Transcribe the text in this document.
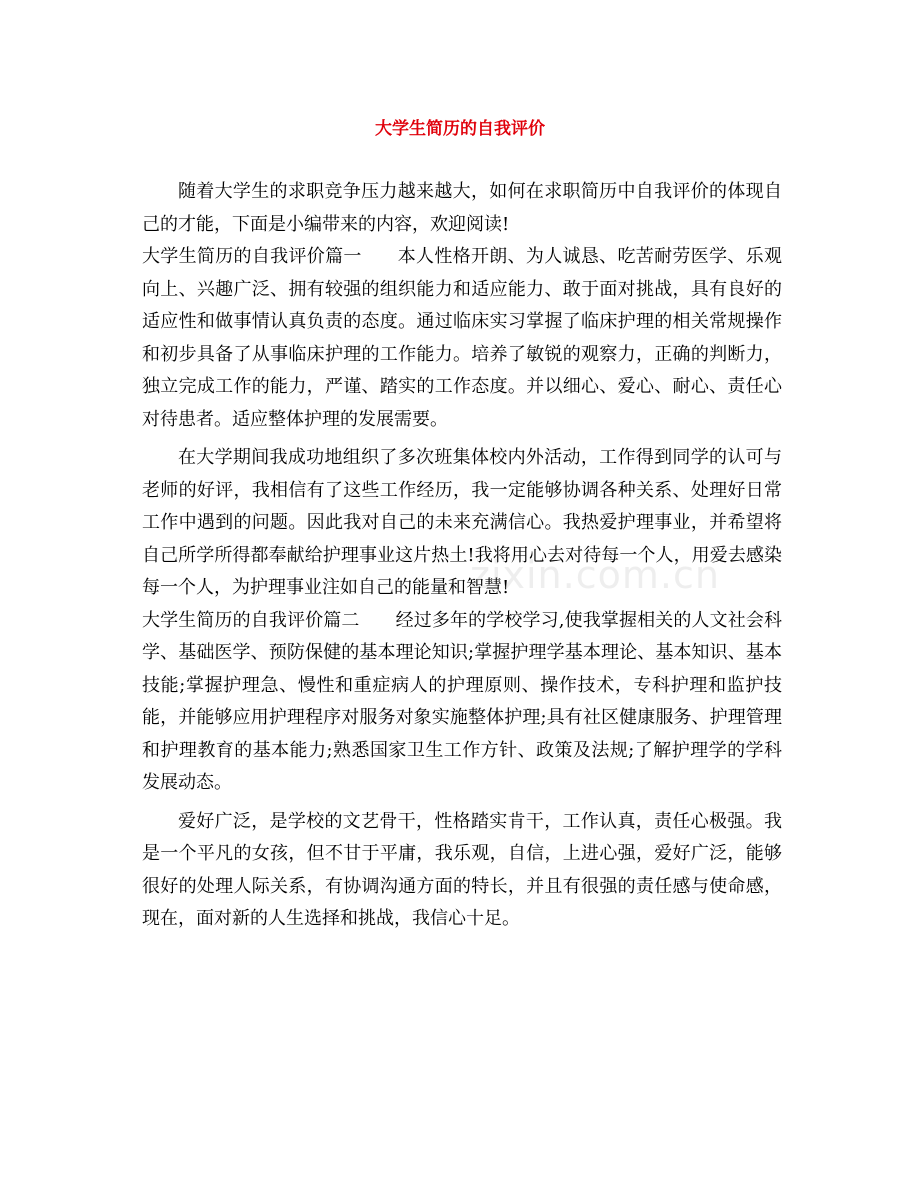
大学生简历的自我评价

随着大学生的求职竞争压力越来越大，如何在求职简历中自我评价的体现自己的才能，下面是小编带来的内容，欢迎阅读!

大学生简历的自我评价篇一 本人性格开朗、为人诚恳、吃苦耐劳医学、乐观向上、兴趣广泛、拥有较强的组织能力和适应能力、敢于面对挑战，具有良好的适应性和做事情认真负责的态度。通过临床实习掌握了临床护理的相关常规操作和初步具备了从事临床护理的工作能力。培养了敏锐的观察力，正确的判断力，独立完成工作的能力，严谨、踏实的工作态度。并以细心、爱心、耐心、责任心对待患者。适应整体护理的发展需要。

在大学期间我成功地组织了多次班集体校内外活动，工作得到同学的认可与老师的好评，我相信有了这些工作经历，我一定能够协调各种关系、处理好日常工作中遇到的问题。因此我对自己的未来充满信心。我热爱护理事业，并希望将自己所学所得都奉献给护理事业这片热土!我将用心去对待每一个人，用爱去感染每一个人，为护理事业注如自己的能量和智慧!

大学生简历的自我评价篇二 经过多年的学校学习,使我掌握相关的人文社会科学、基础医学、预防保健的基本理论知识;掌握护理学基本理论、基本知识、基本技能;掌握护理急、慢性和重症病人的护理原则、操作技术，专科护理和监护技能，并能够应用护理程序对服务对象实施整体护理;具有社区健康服务、护理管理和护理教育的基本能力;熟悉国家卫生工作方针、政策及法规;了解护理学的学科发展动态。

爱好广泛，是学校的文艺骨干，性格踏实肯干，工作认真，责任心极强。我是一个平凡的女孩，但不甘于平庸，我乐观，自信，上进心强，爱好广泛，能够很好的处理人际关系，有协调沟通方面的特长，并且有很强的责任感与使命感，现在，面对新的人生选择和挑战，我信心十足。

zixin.com.cn
